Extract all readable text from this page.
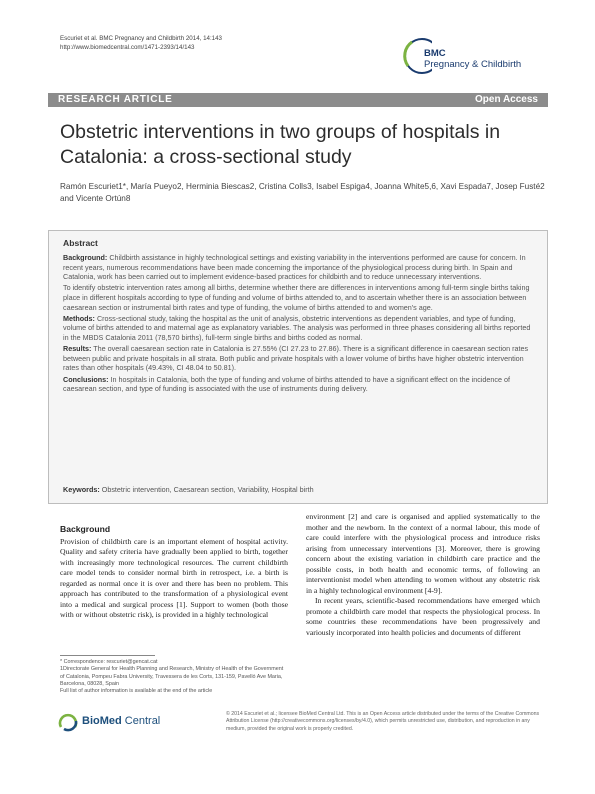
Escuriet et al. BMC Pregnancy and Childbirth 2014, 14:143
http://www.biomedcentral.com/1471-2393/14/143
BMC
Pregnancy & Childbirth
RESEARCH ARTICLE	Open Access
Obstetric interventions in two groups of hospitals in Catalonia: a cross-sectional study
Ramón Escuriet1*, María Pueyo2, Herminia Biescas2, Cristina Colls3, Isabel Espiga4, Joanna White5,6, Xavi Espada7, Josep Fusté2 and Vicente Ortún8
Abstract

Background: Childbirth assistance in highly technological settings and existing variability in the interventions performed are cause for concern. In recent years, numerous recommendations have been made concerning the importance of the physiological process during birth. In Spain and Catalonia, work has been carried out to implement evidence-based practices for childbirth and to reduce unnecessary interventions.

To identify obstetric intervention rates among all births, determine whether there are differences in interventions among full-term single births taking place in different hospitals according to type of funding and volume of births attended to, and to ascertain whether there is an association between caesarean section or instrumental birth rates and type of funding, the volume of births attended to and women's age.

Methods: Cross-sectional study, taking the hospital as the unit of analysis, obstetric interventions as dependent variables, and type of funding, volume of births attended to and maternal age as explanatory variables. The analysis was performed in three phases considering all births reported in the MBDS Catalonia 2011 (78,570 births), full-term single births and births coded as normal.

Results: The overall caesarean section rate in Catalonia is 27.55% (CI 27.23 to 27.86). There is a significant difference in caesarean section rates between public and private hospitals in all strata. Both public and private hospitals with a lower volume of births have higher obstetric intervention rates than other hospitals (49.43%, CI 48.04 to 50.81).

Conclusions: In hospitals in Catalonia, both the type of funding and volume of births attended to have a significant effect on the incidence of caesarean section, and type of funding is associated with the use of instruments during delivery.

Keywords: Obstetric intervention, Caesarean section, Variability, Hospital birth
Background

Provision of childbirth care is an important element of hospital activity. Quality and safety criteria have gradually been applied to birth, together with increasingly more technological resources. The current childbirth care model tends to consider normal birth in retrospect, i.e. a birth is regarded as normal once it is over and there has been no problem. This approach has contributed to the transformation of a physiological event into a medical and surgical process [1]. Support to women (both those with or without obstetric risk), is provided in a highly technological

environment [2] and care is organised and applied systematically to the mother and the newborn. In the context of a normal labour, this mode of care could interfere with the physiological process and introduce risks arising from unnecessary interventions [3]. Moreover, there is growing concern about the existing variation in childbirth care practice and the possible costs, in both health and economic terms, of following an interventionist model when attending to women without any obstetric risk in a highly technological environment [4-9].

In recent years, scientific-based recommendations have emerged which promote a childbirth care model that respects the physiological process. In some countries these recommendations have been progressively and variously incorporated into health policies and documents of different

* Correspondence: rescuriet@gencat.cat

1Directorate General for Health Planning and Research, Ministry of Health of the Government of Catalonia, Pompeu Fabra University, Travessera de les Corts, 131-159, Pavelló Ave Maria, Barcelona, 08028, Spain

Full list of author information is available at the end of the article

BioMed Central
© 2014 Escuriet et al.; licensee BioMed Central Ltd. This is an Open Access article distributed under the terms of the Creative Commons Attribution License (http://creativecommons.org/licenses/by/4.0), which permits unrestricted use, distribution, and reproduction in any medium, provided the original work is properly credited.
